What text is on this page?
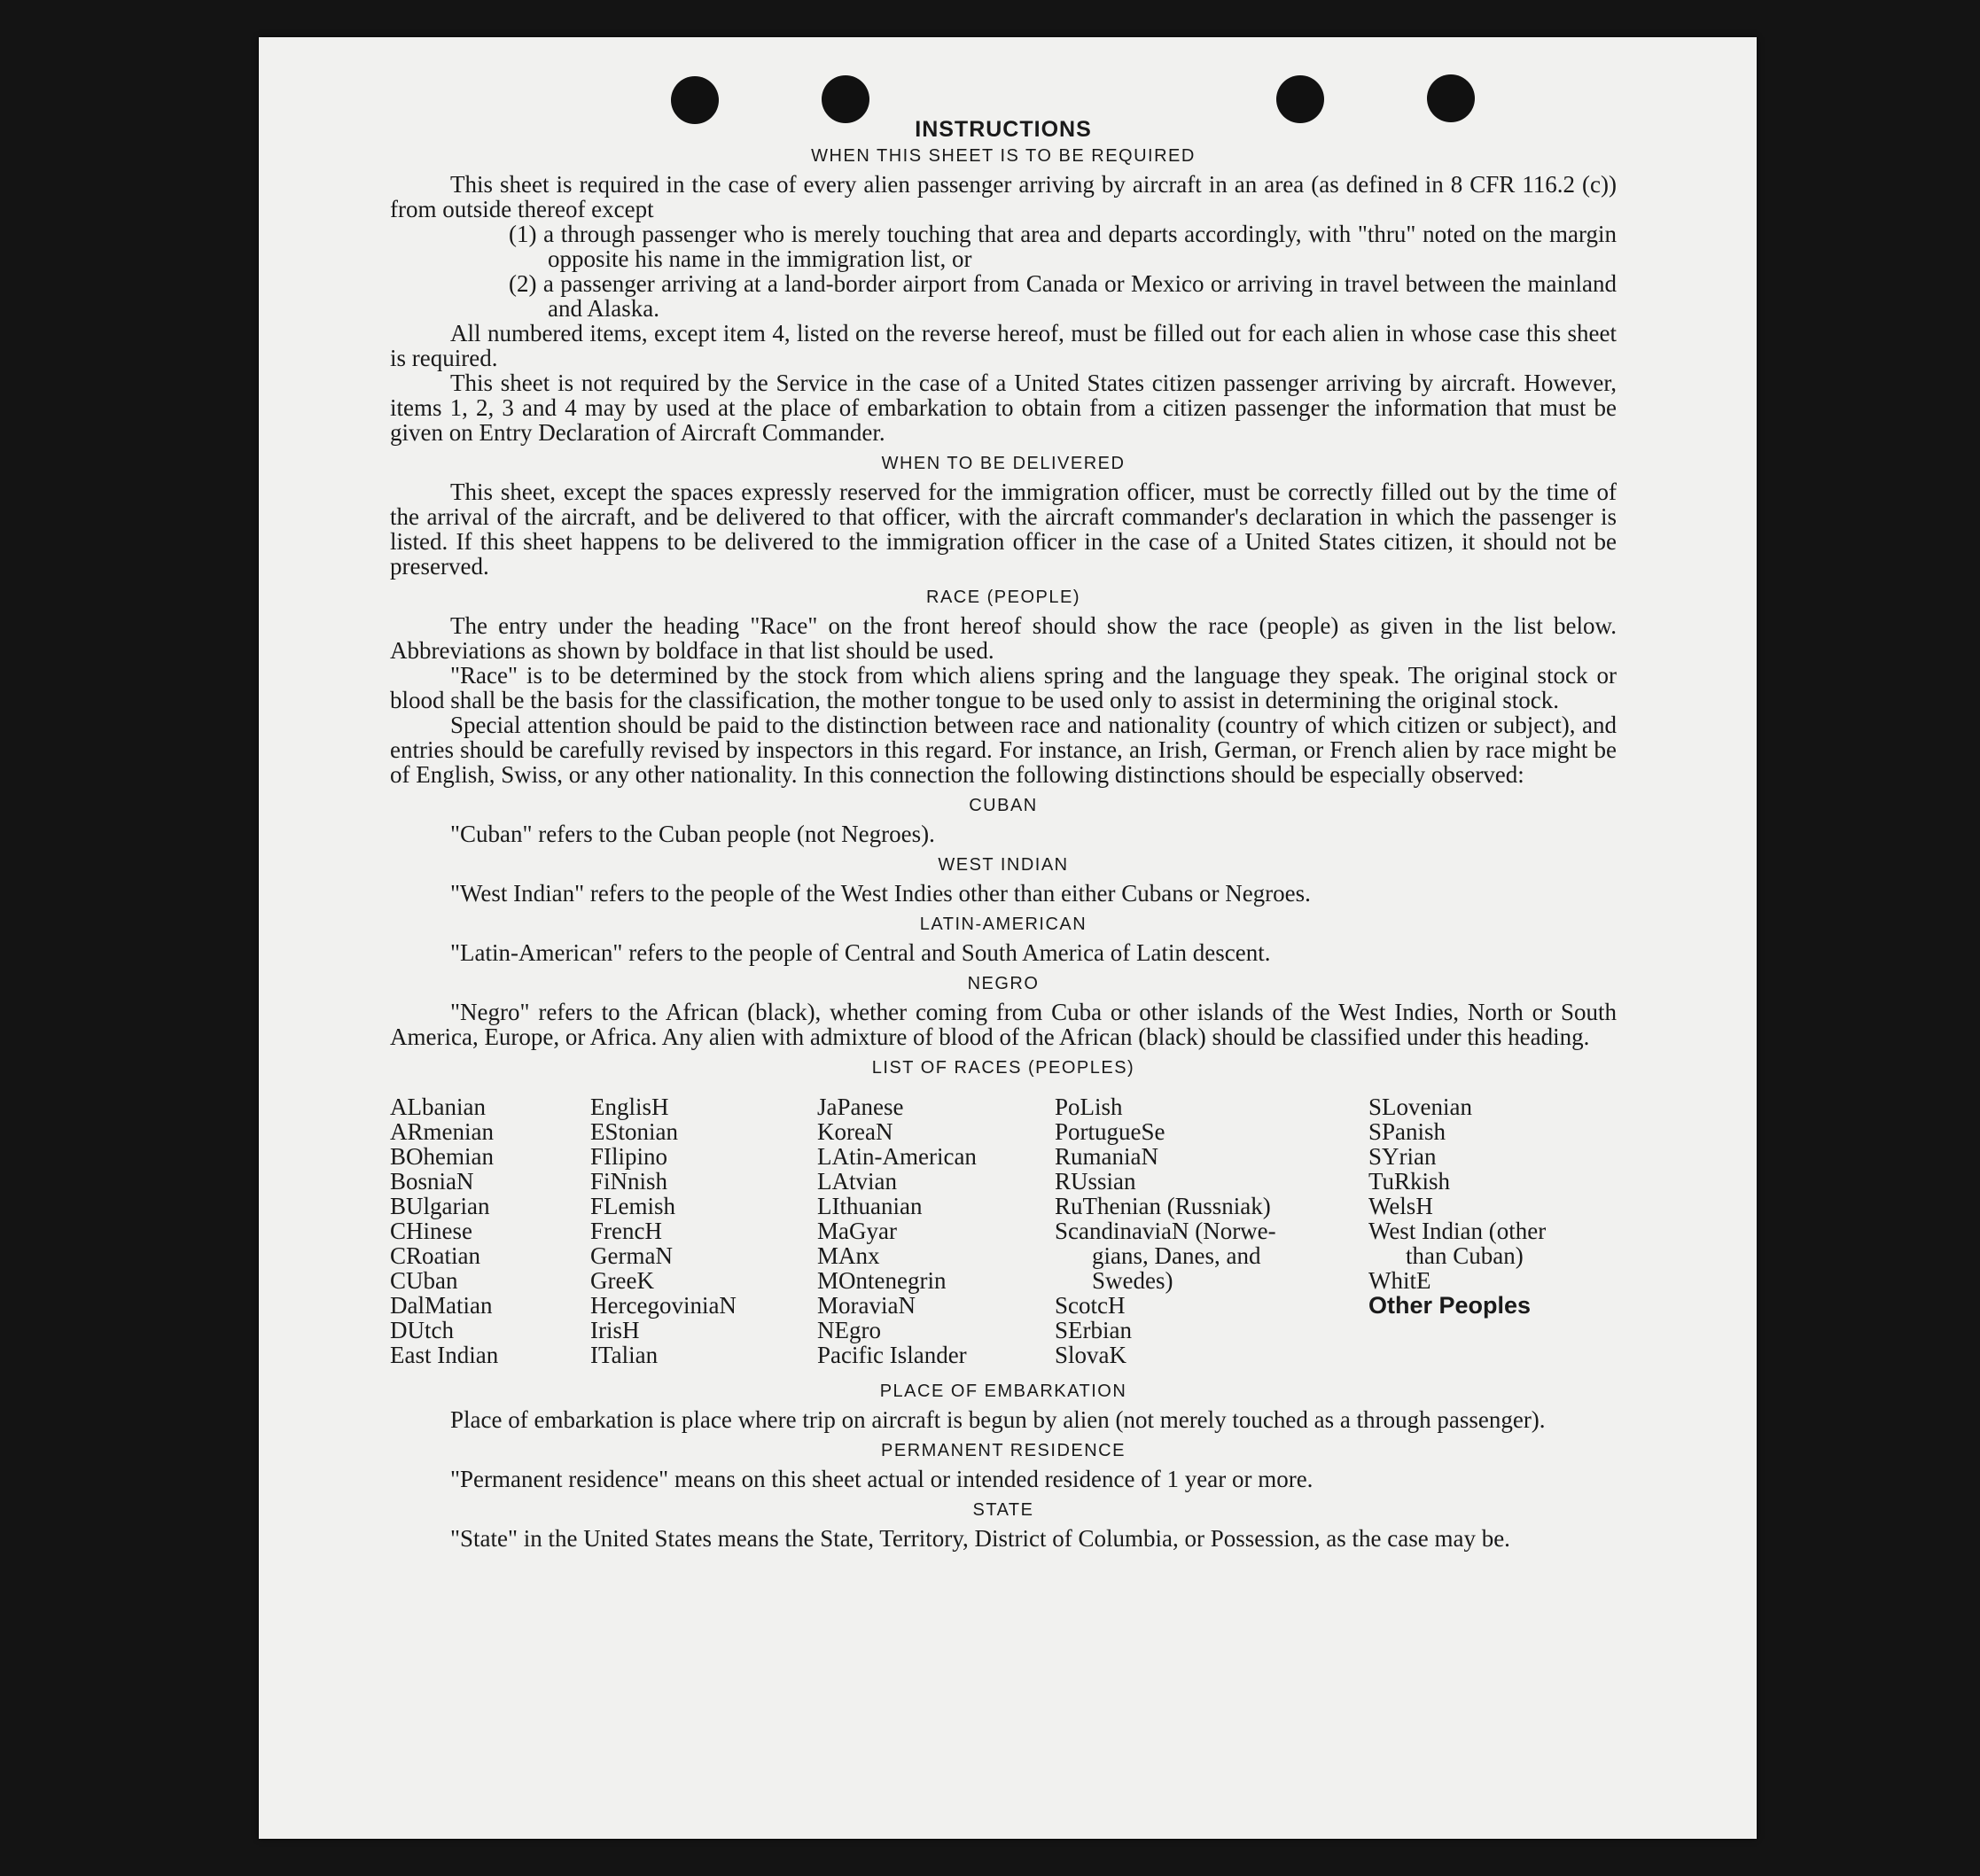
INSTRUCTIONS
WHEN THIS SHEET IS TO BE REQUIRED

This sheet is required in the case of every alien passenger arriving by aircraft in an area (as defined in 8 CFR 116.2 (c)) from outside thereof except

(1) a through passenger who is merely touching that area and departs accordingly, with "thru" noted on the margin opposite his name in the immigration list, or

(2) a passenger arriving at a land-border airport from Canada or Mexico or arriving in travel between the mainland and Alaska.

All numbered items, except item 4, listed on the reverse hereof, must be filled out for each alien in whose case this sheet is required.

This sheet is not required by the Service in the case of a United States citizen passenger arriving by aircraft. However, items 1, 2, 3 and 4 may by used at the place of embarkation to obtain from a citizen passenger the information that must be given on Entry Declaration of Aircraft Commander.

WHEN TO BE DELIVERED

This sheet, except the spaces expressly reserved for the immigration officer, must be correctly filled out by the time of the arrival of the aircraft, and be delivered to that officer, with the aircraft commander's declaration in which the passenger is listed. If this sheet happens to be delivered to the immigration officer in the case of a United States citizen, it should not be preserved.

RACE (PEOPLE)

The entry under the heading "Race" on the front hereof should show the race (people) as given in the list below. Abbreviations as shown by boldface in that list should be used.

"Race" is to be determined by the stock from which aliens spring and the language they speak. The original stock or blood shall be the basis for the classification, the mother tongue to be used only to assist in determining the original stock.

Special attention should be paid to the distinction between race and nationality (country of which citizen or subject), and entries should be carefully revised by inspectors in this regard. For instance, an Irish, German, or French alien by race might be of English, Swiss, or any other nationality. In this connection the following distinctions should be especially observed:

CUBAN

"Cuban" refers to the Cuban people (not Negroes).

WEST INDIAN

"West Indian" refers to the people of the West Indies other than either Cubans or Negroes.

LATIN-AMERICAN

"Latin-American" refers to the people of Central and South America of Latin descent.

NEGRO

"Negro" refers to the African (black), whether coming from Cuba or other islands of the West Indies, North or South America, Europe, or Africa. Any alien with admixture of blood of the African (black) should be classified under this heading.

LIST OF RACES (PEOPLES)
ALbanian
ARmenian
BOhemian
BosniaN
BUlgarian
CHinese
CRoatian
CUban
DalMatian
DUtch
East Indian
EnglisH
EStonian
FIlipino
FiNnish
FLemish
FrencH
GermaN
GreeK
HercegoviniaN
IrisH
ITalian
JaPanese
KoreaN
LAtin-American
LAtvian
LIthuanian
MaGyar
MAnx
MOntenegrin
MoraviaN
NEgro
Pacific Islander
PoLish
PortugueSe
RumaniaN
RUssian
RuThenian (Russniak)
ScandinaviaN (Norwe-
gians, Danes, and
Swedes)
ScotcH
SErbian
SlovaK
SLovenian
SPanish
SYrian
TuRkish
WelsH
West Indian (other
than Cuban)
WhitE
Other Peoples
PLACE OF EMBARKATION

Place of embarkation is place where trip on aircraft is begun by alien (not merely touched as a through passenger).

PERMANENT RESIDENCE

"Permanent residence" means on this sheet actual or intended residence of 1 year or more.

STATE

"State" in the United States means the State, Territory, District of Columbia, or Possession, as the case may be.
